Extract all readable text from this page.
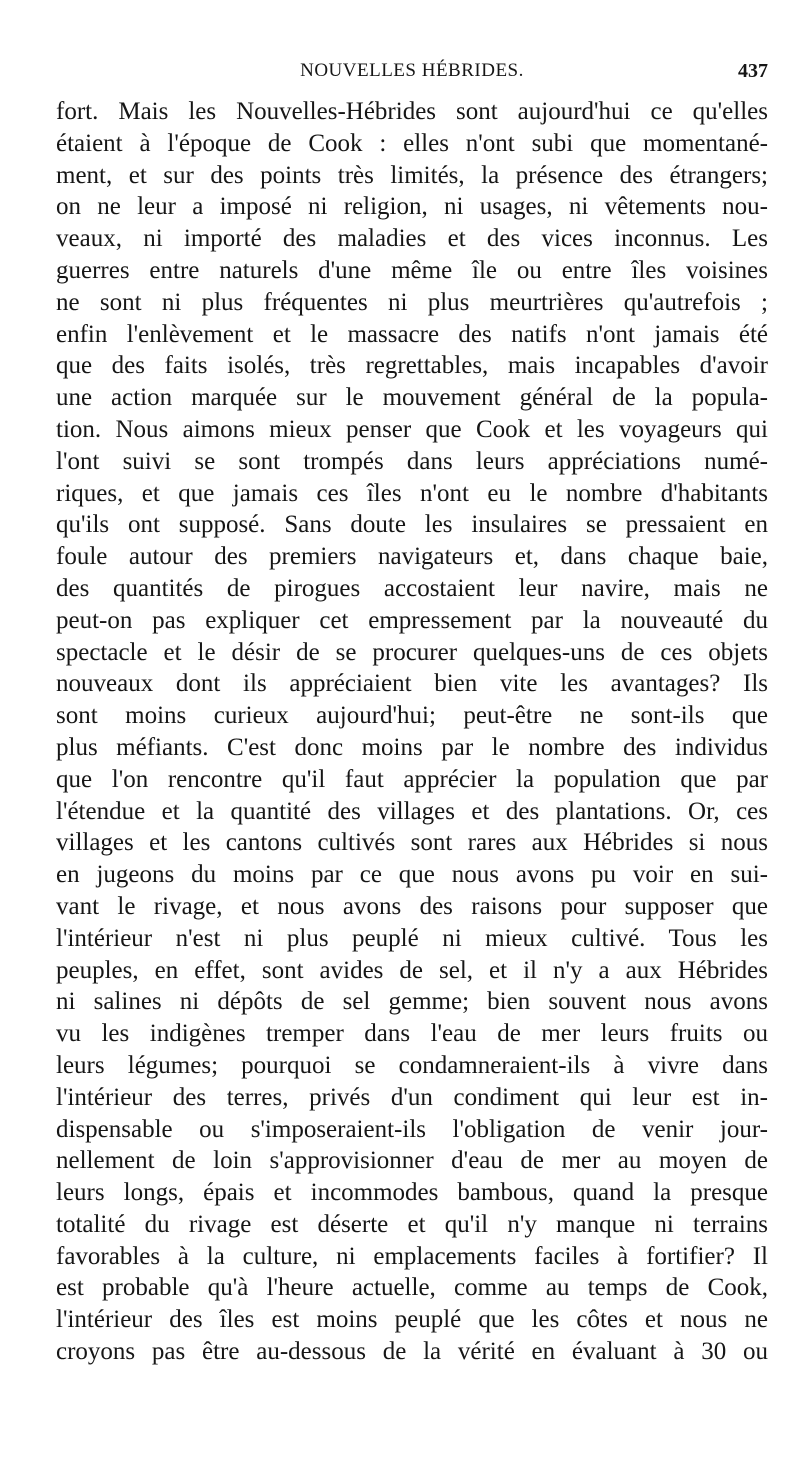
NOUVELLES HÉBRIDES.	437
fort. Mais les Nouvelles-Hébrides sont aujourd'hui ce qu'elles
étaient à l'époque de Cook : elles n'ont subi que momentané-
ment, et sur des points très limités, la présence des étrangers;
on ne leur a imposé ni religion, ni usages, ni vêtements nou-
veaux, ni importé des maladies et des vices inconnus. Les
guerres entre naturels d'une même île ou entre îles voisines
ne sont ni plus fréquentes ni plus meurtrières qu'autrefois ;
enfin l'enlèvement et le massacre des natifs n'ont jamais été
que des faits isolés, très regrettables, mais incapables d'avoir
une action marquée sur le mouvement général de la popula-
tion. Nous aimons mieux penser que Cook et les voyageurs qui
l'ont suivi se sont trompés dans leurs appréciations numé-
riques, et que jamais ces îles n'ont eu le nombre d'habitants
qu'ils ont supposé. Sans doute les insulaires se pressaient en
foule autour des premiers navigateurs et, dans chaque baie,
des quantités de pirogues accostaient leur navire, mais ne
peut-on pas expliquer cet empressement par la nouveauté du
spectacle et le désir de se procurer quelques-uns de ces objets
nouveaux dont ils appréciaient bien vite les avantages? Ils
sont moins curieux aujourd'hui; peut-être ne sont-ils que
plus méfiants. C'est donc moins par le nombre des individus
que l'on rencontre qu'il faut apprécier la population que par
l'étendue et la quantité des villages et des plantations. Or, ces
villages et les cantons cultivés sont rares aux Hébrides si nous
en jugeons du moins par ce que nous avons pu voir en sui-
vant le rivage, et nous avons des raisons pour supposer que
l'intérieur n'est ni plus peuplé ni mieux cultivé. Tous les
peuples, en effet, sont avides de sel, et il n'y a aux Hébrides
ni salines ni dépôts de sel gemme; bien souvent nous avons
vu les indigènes tremper dans l'eau de mer leurs fruits ou
leurs légumes; pourquoi se condamneraient-ils à vivre dans
l'intérieur des terres, privés d'un condiment qui leur est in-
dispensable ou s'imposeraient-ils l'obligation de venir jour-
nellement de loin s'approvisionner d'eau de mer au moyen de
leurs longs, épais et incommodes bambous, quand la presque
totalité du rivage est déserte et qu'il n'y manque ni terrains
favorables à la culture, ni emplacements faciles à fortifier? Il
est probable qu'à l'heure actuelle, comme au temps de Cook,
l'intérieur des îles est moins peuplé que les côtes et nous ne
croyons pas être au-dessous de la vérité en évaluant à 30 ou
